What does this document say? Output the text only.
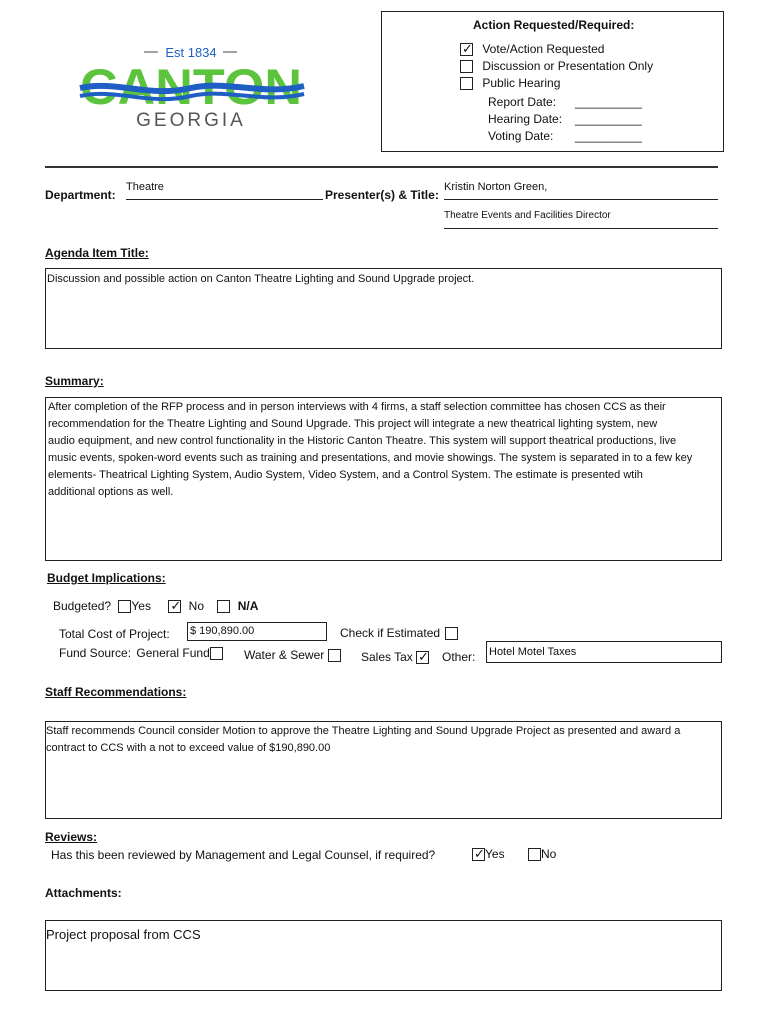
Est 1834
CANTON
GEORGIA
Action Requested/Required:
✓ Vote/Action Requested
Discussion or Presentation Only
Public Hearing
Report Date: __________
Hearing Date: __________
Voting Date: __________
Department:
Theatre
Presenter(s) & Title:
Kristin Norton Green,
Theatre Events and Facilities Director
Agenda Item Title:
Discussion and possible action on Canton Theatre Lighting and Sound Upgrade project.
Summary:
After completion of the RFP process and in person interviews with 4 firms, a staff selection committee has chosen CCS as their
recommendation for the Theatre Lighting and Sound Upgrade. This project will integrate a new theatrical lighting system, new
audio equipment, and new control functionality in the Historic Canton Theatre. This system will support theatrical productions, live
music events, spoken-word events such as training and presentations, and movie showings. The system is separated in to a few key
elements- Theatrical Lighting System, Audio System, Video System, and a Control System. The estimate is presented wtih
additional options as well.
Budget Implications:
Budgeted? Yes ✓ No	N/A
Total Cost of Project: $ 190,890.00	Check if Estimated
Fund Source: General Fund	Water & Sewer	Sales Tax ✓ Other: Hotel Motel Taxes
Staff Recommendations:
Staff recommends Council consider Motion to approve the Theatre Lighting and Sound Upgrade Project as presented and award a
contract to CCS with a not to exceed value of $190,890.00
Reviews:
Has this been reviewed by Management and Legal Counsel, if required?	✓ Yes	No
Attachments:
Project proposal from CCS
